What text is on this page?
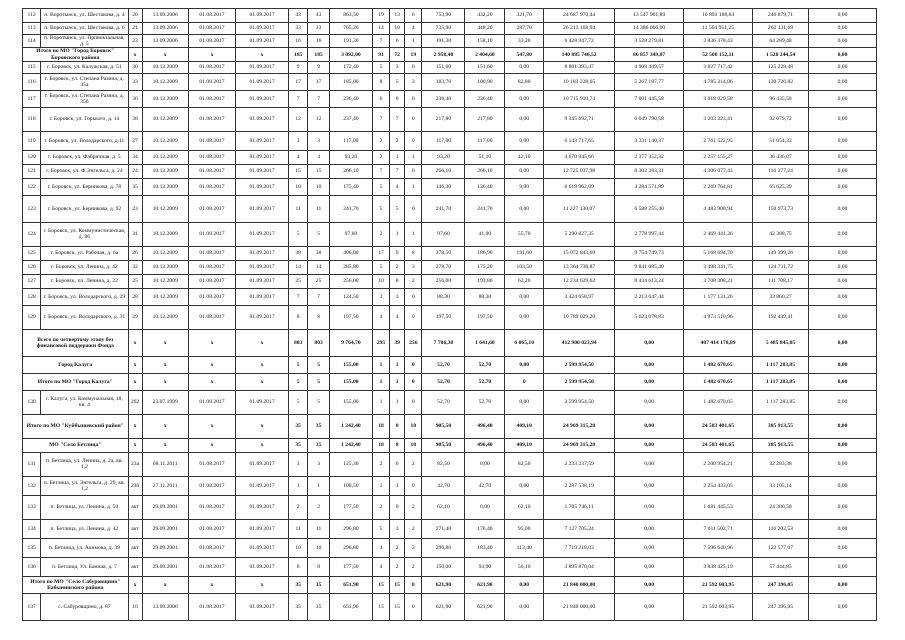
112	п. Воротынск, ул. Шестакова, д. 4	20	13.09.2006	01.08.2017	01.09.2017	43	43	863,50	19	13	6	753,90	432,20	321,70	24 687 970,44	13 547 901,89	10 893 188,84	246 879,71	0,00
113	п. Воротынск, ул. Шестакова, д. 6	21	13.09.2006	01.08.2017	01.09.2017	33	33	765,20	14	10	4	735,90	448,20	287,70	26 213 168,94	14 386 066,00	11 564 951,25	262 131,69	0,00
114	п. Воротынск, ул. Привокзальная, д. 5	23	13.09.2006	01.08.2017	01.09.2017	16	16	191,30	7	6	1	191,30	158,10	33,20	6 428 947,72	3 528 279,81	2 836 378,43	64 289,48	0,00
Итого по МО "Город Боровск" Боровского района		x	x	x	x	185	185	3 092,00	91	72	19	2 958,40	2 404,60	547,80	140 885 746,52	86 857 349,87	52 508 152,11	1 520 244,54	0,00
115	г. Боровск, ул. Калужская, д. 51	30	10.12.2009	01.08.2017	01.09.2017	9	9	172,40	5	3	0	151,60	151,60	0,00	8 861 393,47	4 908 449,57	3 827 717,42	125 228,48	0,00
116	г. Боровск, ул. Степана Разина, д. 35а	33	10.12.2009	01.08.2017	01.09.2017	17	17	185,00	8	5	3	183,70	100,90	82,80	10 183 228,65	5 267 187,77	4 785 314,06	130 726,82	0,00
117	г. Боровск, ул. Степана Разина, д. 35б	36	10.12.2009	01.08.2017	01.09.2017	7	7	236,40	6	6	0	236,40	236,40	0,00	10 715 910,74	7 001 445,58	3 618 029,58	96 435,58	0,00
118	г. Боровск, ул. Горького, д. 14	38	10.12.2009	01.08.2017	01.09.2017	12	12	237,40	7	7	0	217,80	217,80	0,00	9 345 692,71	6 049 790,58	3 203 223,41	92 679,72	0,00
119	г. Боровск, ул. Володарского, д.11	27	10.12.2009	01.08.2017	01.09.2017	3	3	117,00	2	2	0	117,00	117,00	0,00	6 143 717,65	3 331 140,37	2 761 522,95	51 054,33	0,00
120	г. Боровск, ул. Фабричная, д. 5	34	10.12.2009	01.08.2017	01.09.2017	4	4	93,20	2	1	1	93,20	51,10	42,10	4 670 945,66	2 377 352,32	2 257 155,27	36 436,07	0,00
121	г. Боровск, ул. Ф.Энгельса, д. 24	24	10.12.2009	01.08.2017	01.09.2017	15	15	266,10	7	7	0	266,10	266,10	0,00	12 725 037,98	8 302 283,31	4 306 077,43	116 377,24	0,00
122	г. Боровск, ул. Берникова, д. 78	35	10.12.2009	01.08.2017	01.09.2017	10	10	175,40	5	4	1	146,30	136,40	9,90	6 619 962,09	4 284 571,89	2 269 764,81	65 625,39	0,00
123	г. Боровск, ул. Берникова, д. 92	23	10.12.2009	01.08.2017	01.09.2017	11	11	241,70	5	5	0	241,70	241,70	0,00	11 227 130,07	6 588 255,40	4 483 900,94	150 973,73	0,00
124	г. Боровск, ул. Коммунистическая, д. 86	31	10.12.2009	01.08.2017	01.09.2017	5	5	97,60	2	1	1	97,60	41,90	55,70	5 290 827,35	2 778 997,44	2 469 441,36	42 388,75	0,00
125	г. Боровск, ул. Рабочая, д. 6а	26	10.12.2009	01.08.2017	01.09.2017	38	38	406,00	17	9	8	378,50	186,90	191,60	15 072 843,69	9 754 749,73	5 168 694,70	149 399,26	0,00
126	г. Боровск, ул. Ленина, д. 42	32	10.12.2009	01.08.2017	01.09.2017	14	14	285,80	5	2	3	278,70	175,20	103,50	13 364 738,87	9 841 685,40	3 498 341,75	124 711,72	0,00
127	г. Боровск, пл. Ленина, д. 22	25	10.12.2009	01.08.2017	01.09.2017	25	25	256,00	10	8	2	256,00	193,80	62,20	12 234 629,62	8 434 613,24	3 708 308,21	111 708,17	0,00
128	г. Боровск, ул. Володарского, д. 29	28	10.12.2009	01.08.2017	01.09.2017	7	7	124,50	3	3	0	88,30	88,30	0,00	3 424 658,97	2 213 647,44	1 177 131,26	33 860,27	0,00
129	г. Боровск, ул. Володарского, д. 31	29	10.12.2009	01.08.2017	01.09.2017	8	8	197,50	4	4	0	197,50	197,50	0,00	10 789 029,20	5 623 078,83	4 973 510,96	192 439,41	0,00
Всего по четвертому этапу без финансовой поддержки Фонда		x	x	x	x	803	803	9 764,70	295	39	256	7 706,30	1 641,60	6 065,10	412 900 023,94	0,00	407 414 178,89	5 485 845,05	0,00
Город Калуга		x	x	x	x	5	5	155,00	1	1	0	52,70	52,70	0,00	2 599 954,50	0,00	1 482 670,65	1 117 283,85	0,00
Итого по МО "Город Калуга"		x	x	x	x	5	5	155,00	1	1	0	52,70	52,70	0	2 599 954,50	0,00	1 482 670,65	1 117 283,85	0,00
130	г. Калуга, ул. Коммунальная, 18, кв. 4	262	23.07.1999	01.08.2017	01.09.2017	5	5	155,00	1	1	0	52,70	52,70	0,00	2 599 954,50	0,00	1 482 670,65	1 117 283,85	0,00
Итого по МО "Куйбышевский район"		x	x	x	x	35	35	1 242,40	18	8	10	905,50	496,40	409,10	24 969 315,20	0,00	24 583 401,65	385 913,55	0,00
МО "Село Бетлица"		x	x	x	x	35	35	1 242,40	18	8	10	905,50	496,40	409,10	24 969 315,20	0,00	24 583 401,65	385 913,55	0,00
131	п. Бетлица, ул. Ленина, д. 2а, кв. 1,2	23а	08.11.2011	01.08.2017	01.09.2017	3	3	125,30	2	0	2	82,50	0,00	82,50	2 233 237,59	0,00	2 200 954,21	32 283,38	0,00
132	п. Бетлица, ул. Энгельса, д. 29, кв. 1,2	236	27.11.2011	01.08.2017	01.09.2017	1	1	108,50	1	1	0	42,70	42,70	0,00	2 287 538,19	0,00	2 254 433,05	33 105,14	0,00
133	п. Бетлица, ул. Ленина, д. 50	акт	29.09.2001	01.08.2017	01.09.2017	2	2	177,50	2	0	2	62,10	0,00	62,10	1 705 746,11	0,00	1 681 445,53	24 300,58	0,00
134	п. Бетлица, ул. Ленина, д. 42	акт	29.09.2001	01.08.2017	01.09.2017	11	11	296,80	5	3	2	271,40	176,40	95,00	7 127 705,24	0,00	7 011 502,71	116 202,53	0,00
135	п. Бетлица, ул. Акимова, д. 39	акт	29.09.2001	01.08.2017	01.09.2017	10	10	296,80	4	2	2	296,80	183,40	113,40	7 719 218,03	0,00	7 596 640,96	122 577,07	0,00
136	п. Бетлица, Ул. Банная, д. 7	акт	29.09.2001	01.08.2017	01.09.2017	8	8	177,50	4	2	2	150,00	93,90	56,10	3 895 870,04	0,00	3 838 425,19	57 444,85	0,00
Итого по МО "Село Сабуровщино" Бабынинского района		x	x	x	x	35	35	651,90	15	15	0	621,90	621,90	0,00	21 840 000,00	0,00	21 592 603,95	247 396,05	0,00
137	с. Сабуровщино, д. 87	16	13.09.2006	01.08.2017	01.09.2017	35	35	651,90	15	15	0	621,90	621,90	0,00	21 840 000,00	0,00	21 592 603,95	247 396,05	0,00
